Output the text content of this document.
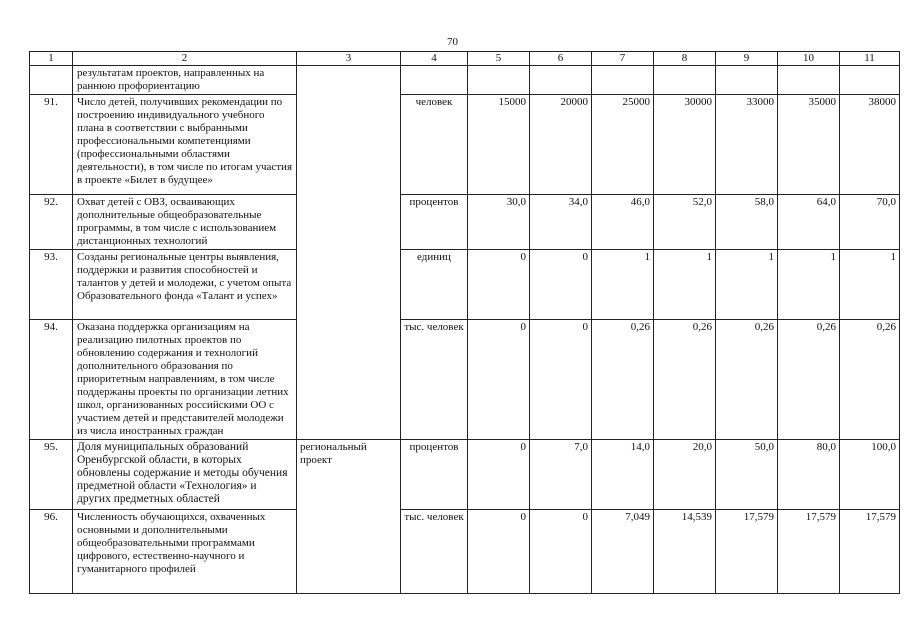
70
1	2	3	4	5	6	7	8	9	10	11
	результатам проектов, направленных на раннюю профориентацию									
91.	Число детей, получивших рекомендации по построению индивидуального учебного плана в соответствии с выбранными профессиональными компетенциями (профессиональными областями деятельности), в том числе по итогам участия в проекте «Билет в будущее»		человек	15000	20000	25000	30000	33000	35000	38000
92.	Охват детей с ОВЗ, осваивающих дополнительные общеобразовательные программы, в том числе с использованием дистанционных технологий		процентов	30,0	34,0	46,0	52,0	58,0	64,0	70,0
93.	Созданы региональные центры выявления, поддержки и развития способностей и талантов у детей и молодежи, с учетом опыта Образовательного фонда «Талант и успех»		единиц	0	0	1	1	1	1	1
94.	Оказана поддержка организациям на реализацию пилотных проектов по обновлению содержания и технологий дополнительного образования по приоритетным направлениям, в том числе поддержаны проекты по организации летних школ, организованных российскими ОО с участием детей и представителей молодежи из числа иностранных граждан		тыс. человек	0	0	0,26	0,26	0,26	0,26	0,26
95.	Доля муниципальных образований Оренбургской области, в которых обновлены содержание и методы обучения предметной области «Технология» и других предметных областей	региональный проект	процентов	0	7,0	14,0	20,0	50,0	80,0	100,0
96.	Численность обучающихся, охваченных основными и дополнительными общеобразовательными программами цифрового, естественно-научного и гуманитарного профилей		тыс. человек	0	0	7,049	14,539	17,579	17,579	17,579
